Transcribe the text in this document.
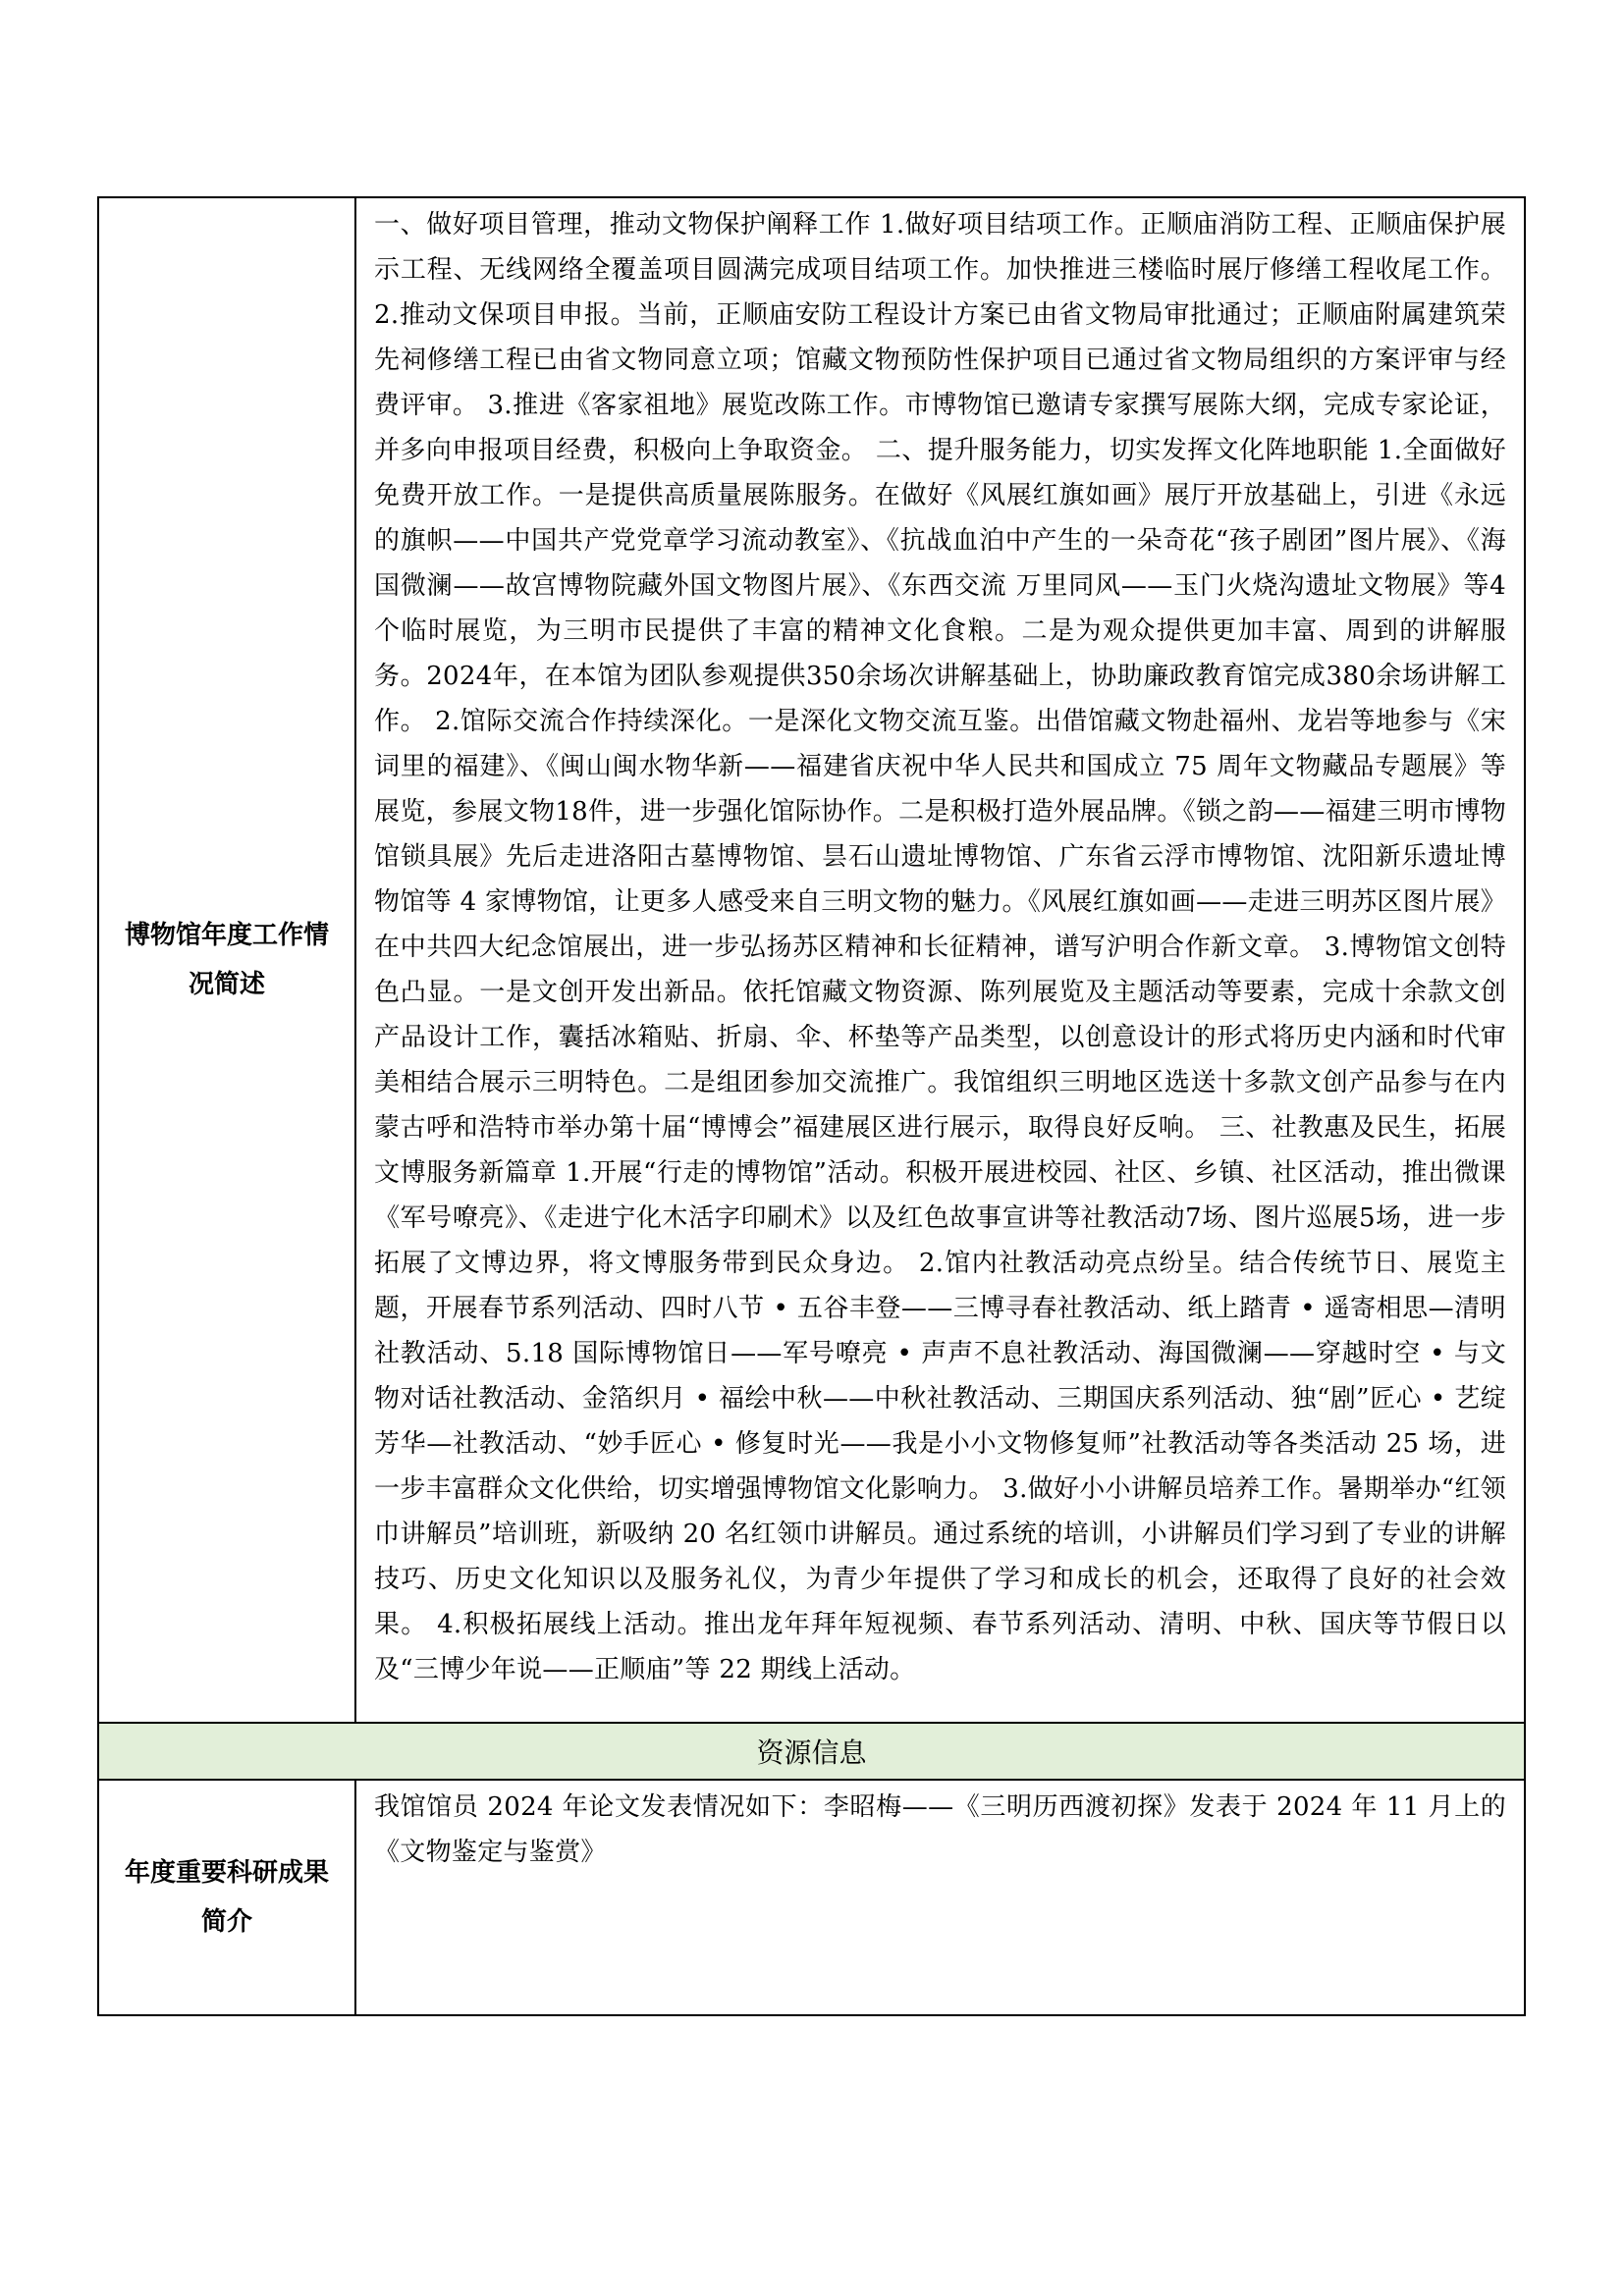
博物馆年度工作情况简述	一、做好项目管理，推动文物保护阐释工作 1.做好项目结项工作。正顺庙消防工程、正顺庙保护展示工程、无线网络全覆盖项目圆满完成项目结项工作。加快推进三楼临时展厅修缮工程收尾工作。 2.推动文保项目申报。当前，正顺庙安防工程设计方案已由省文物局审批通过；正顺庙附属建筑荣先祠修缮工程已由省文物同意立项；馆藏文物预防性保护项目已通过省文物局组织的方案评审与经费评审。 3.推进《客家祖地》展览改陈工作。市博物馆已邀请专家撰写展陈大纲，完成专家论证，并多向申报项目经费，积极向上争取资金。 二、提升服务能力，切实发挥文化阵地职能 1.全面做好免费开放工作。一是提供高质量展陈服务。在做好《风展红旗如画》展厅开放基础上，引进《永远的旗帜——中国共产党党章学习流动教室》、《抗战血泊中产生的一朵奇花“孩子剧团”图片展》、《海国微澜——故宫博物院藏外国文物图片展》、《东西交流 万里同风——玉门火烧沟遗址文物展》等4个临时展览，为三明市民提供了丰富的精神文化食粮。二是为观众提供更加丰富、周到的讲解服务。2024年，在本馆为团队参观提供350余场次讲解基础上，协助廉政教育馆完成380余场讲解工作。 2.馆际交流合作持续深化。一是深化文物交流互鉴。出借馆藏文物赴福州、龙岩等地参与《宋词里的福建》、《闽山闽水物华新——福建省庆祝中华人民共和国成立 75 周年文物藏品专题展》等展览，参展文物18件，进一步强化馆际协作。二是积极打造外展品牌。《锁之韵——福建三明市博物馆锁具展》先后走进洛阳古墓博物馆、昙石山遗址博物馆、广东省云浮市博物馆、沈阳新乐遗址博物馆等 4 家博物馆，让更多人感受来自三明文物的魅力。《风展红旗如画——走进三明苏区图片展》在中共四大纪念馆展出，进一步弘扬苏区精神和长征精神，谱写沪明合作新文章。 3.博物馆文创特色凸显。一是文创开发出新品。依托馆藏文物资源、陈列展览及主题活动等要素，完成十余款文创产品设计工作，囊括冰箱贴、折扇、伞、杯垫等产品类型，以创意设计的形式将历史内涵和时代审美相结合展示三明特色。二是组团参加交流推广。我馆组织三明地区选送十多款文创产品参与在内蒙古呼和浩特市举办第十届“博博会”福建展区进行展示，取得良好反响。 三、社教惠及民生，拓展文博服务新篇章 1.开展“行走的博物馆”活动。积极开展进校园、社区、乡镇、社区活动，推出微课《军号嘹亮》、《走进宁化木活字印刷术》以及红色故事宣讲等社教活动7场、图片巡展5场，进一步拓展了文博边界，将文博服务带到民众身边。 2.馆内社教活动亮点纷呈。结合传统节日、展览主题，开展春节系列活动、四时八节 • 五谷丰登——三博寻春社教活动、纸上踏青 • 遥寄相思—清明社教活动、5.18 国际博物馆日——军号嘹亮 • 声声不息社教活动、海国微澜——穿越时空 • 与文物对话社教活动、金箔织月 • 福绘中秋——中秋社教活动、三期国庆系列活动、独“剧”匠心 • 艺绽芳华—社教活动、“妙手匠心 • 修复时光——我是小小文物修复师”社教活动等各类活动 25 场，进一步丰富群众文化供给，切实增强博物馆文化影响力。 3.做好小小讲解员培养工作。暑期举办“红领巾讲解员”培训班，新吸纳 20 名红领巾讲解员。通过系统的培训，小讲解员们学习到了专业的讲解技巧、历史文化知识以及服务礼仪，为青少年提供了学习和成长的机会，还取得了良好的社会效果。 4.积极拓展线上活动。推出龙年拜年短视频、春节系列活动、清明、中秋、国庆等节假日以及“三博少年说——正顺庙”等 22 期线上活动。

资源信息	

年度重要科研成果简介	我馆馆员 2024 年论文发表情况如下：李昭梅——《三明历西渡初探》发表于 2024 年 11 月上的《文物鉴定与鉴赏》
